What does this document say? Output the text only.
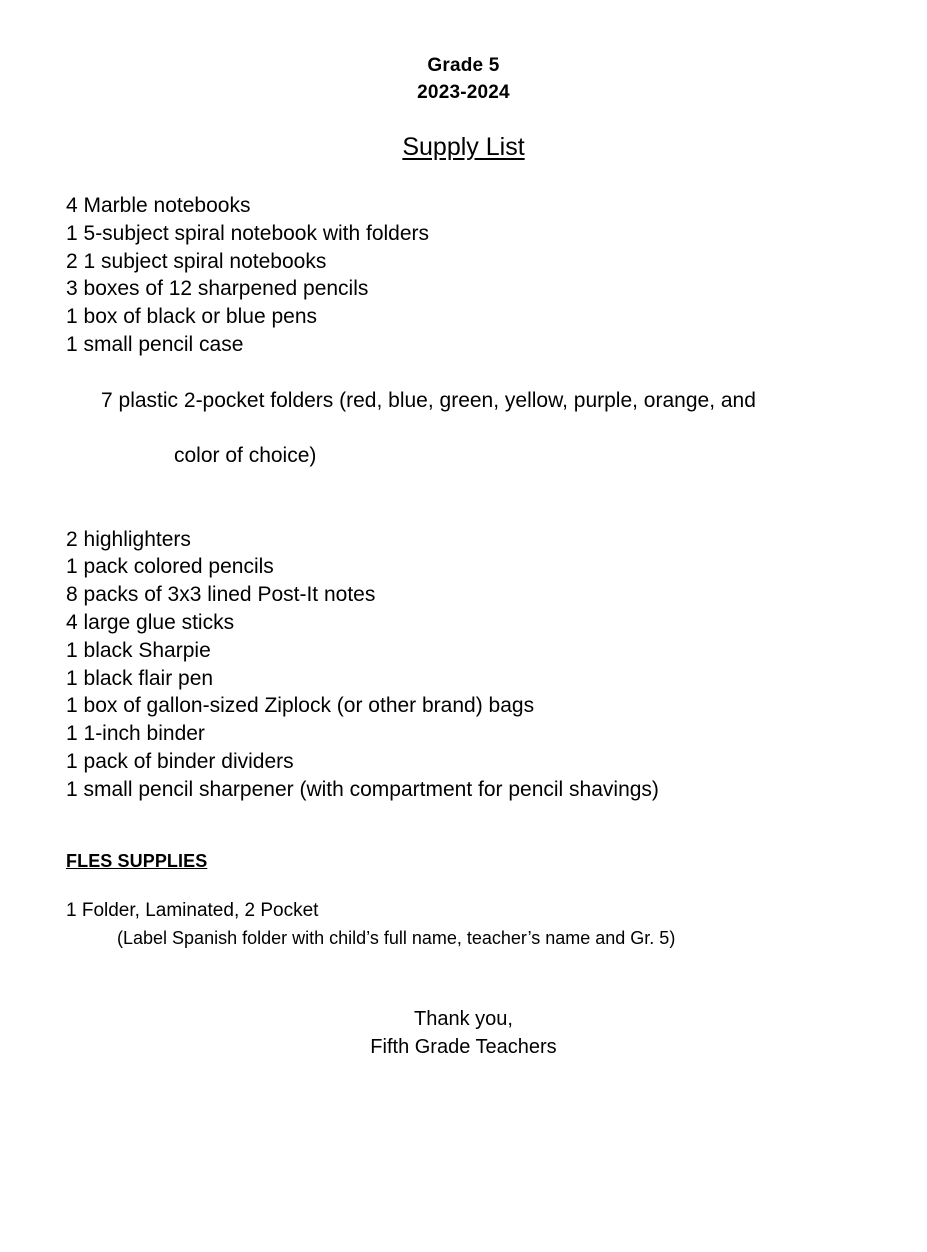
Grade 5
2023-2024
Supply List
4 Marble notebooks
1 5-subject spiral notebook with folders
2 1 subject spiral notebooks
3 boxes of 12 sharpened pencils
1 box of black or blue pens
1 small pencil case

7 plastic 2-pocket folders (red, blue, green, yellow, purple, orange, and

color of choice)

2 highlighters
1 pack colored pencils
8 packs of 3x3 lined Post-It notes
4 large glue sticks
1 black Sharpie
1 black flair pen
1 box of gallon-sized Ziplock (or other brand) bags
1 1-inch binder
1 pack of binder dividers
1 small pencil sharpener (with compartment for pencil shavings)
FLES SUPPLIES
1 Folder, Laminated, 2 Pocket
(Label Spanish folder with child’s full name, teacher’s name and Gr. 5)
Thank you,
Fifth Grade Teachers
